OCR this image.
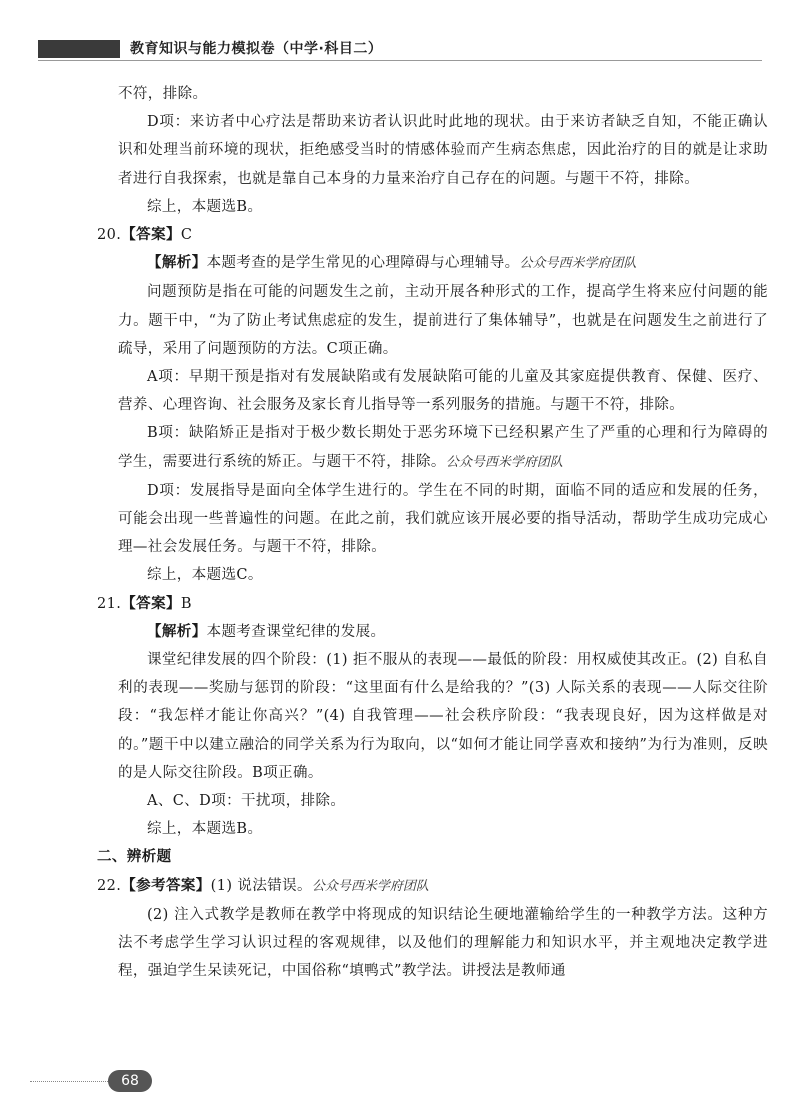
教育知识与能力模拟卷（中学·科目二）

不符，排除。

D项：来访者中心疗法是帮助来访者认识此时此地的现状。由于来访者缺乏自知，不能正确认识和处理当前环境的现状，拒绝感受当时的情感体验而产生病态焦虑，因此治疗的目的就是让求助者进行自我探索，也就是靠自己本身的力量来治疗自己存在的问题。与题干不符，排除。

综上，本题选B。

20.【答案】C

【解析】本题考查的是学生常见的心理障碍与心理辅导。公众号西米学府团队

问题预防是指在可能的问题发生之前，主动开展各种形式的工作，提高学生将来应付问题的能力。题干中，“为了防止考试焦虑症的发生，提前进行了集体辅导”，也就是在问题发生之前进行了疏导，采用了问题预防的方法。C项正确。

A项：早期干预是指对有发展缺陷或有发展缺陷可能的儿童及其家庭提供教育、保健、医疗、营养、心理咨询、社会服务及家长育儿指导等一系列服务的措施。与题干不符，排除。

B项：缺陷矫正是指对于极少数长期处于恶劣环境下已经积累产生了严重的心理和行为障碍的学生，需要进行系统的矫正。与题干不符，排除。公众号西米学府团队

D项：发展指导是面向全体学生进行的。学生在不同的时期，面临不同的适应和发展的任务，可能会出现一些普遍性的问题。在此之前，我们就应该开展必要的指导活动，帮助学生成功完成心理—社会发展任务。与题干不符，排除。

综上，本题选C。

21.【答案】B

【解析】本题考查课堂纪律的发展。

课堂纪律发展的四个阶段：(1) 拒不服从的表现——最低的阶段：用权威使其改正。(2) 自私自利的表现——奖励与惩罚的阶段：“这里面有什么是给我的？”(3) 人际关系的表现——人际交往阶段：“我怎样才能让你高兴？”(4) 自我管理——社会秩序阶段：“我表现良好，因为这样做是对的。”题干中以建立融洽的同学关系为行为取向，以“如何才能让同学喜欢和接纳”为行为准则，反映的是人际交往阶段。B项正确。

A、C、D项：干扰项，排除。

综上，本题选B。

二、辨析题

22.【参考答案】(1) 说法错误。公众号西米学府团队

(2) 注入式教学是教师在教学中将现成的知识结论生硬地灌输给学生的一种教学方法。这种方法不考虑学生学习认识过程的客观规律，以及他们的理解能力和知识水平，并主观地决定教学进程，强迫学生呆读死记，中国俗称“填鸭式”教学法。讲授法是教师通

68
